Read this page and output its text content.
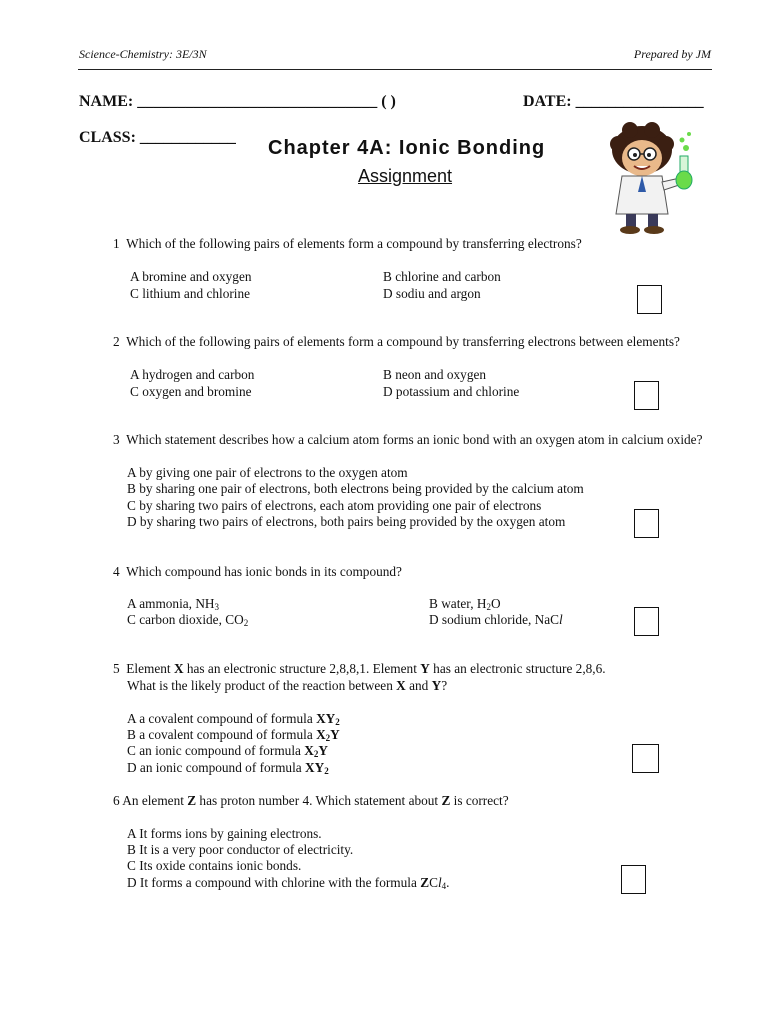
Science-Chemistry: 3E/3N	Prepared by JM
NAME: ______________________________ ( )	DATE: ________________
CLASS: ____________ Chapter 4A: Ionic Bonding
Assignment
1 Which of the following pairs of elements form a compound by transferring electrons?
A bromine and oxygen	B chlorine and carbon
C lithium and chlorine	D sodiu and argon
2 Which of the following pairs of elements form a compound by transferring electrons between elements?
A hydrogen and carbon	B neon and oxygen
C oxygen and bromine	D potassium and chlorine
3 Which statement describes how a calcium atom forms an ionic bond with an oxygen atom in calcium oxide?
A by giving one pair of electrons to the oxygen atom
B by sharing one pair of electrons, both electrons being provided by the calcium atom
C by sharing two pairs of electrons, each atom providing one pair of electrons
D by sharing two pairs of electrons, both pairs being provided by the oxygen atom
4 Which compound has ionic bonds in its compound?
A ammonia, $NH_3$	B water, $H_2O$
C carbon dioxide, $CO_2$	D sodium chloride, NaCl
5  Element X has an electronic structure 2,8,8,1. Element Y has an electronic structure 2,8,6.
What is the likely product of the reaction between X and Y?
A a covalent compound of formula $XY_2$
B a covalent compound of formula $X_2Y$
C an ionic compound of formula $X_2Y$
D an ionic compound of formula $XY_2$
6 An element Z has proton number 4. Which statement about Z is correct?
A It forms ions by gaining electrons.
B It is a very poor conductor of electricity.
C Its oxide contains ionic bonds.
D It forms a compound with chlorine with the formula ZCl$_4$.
